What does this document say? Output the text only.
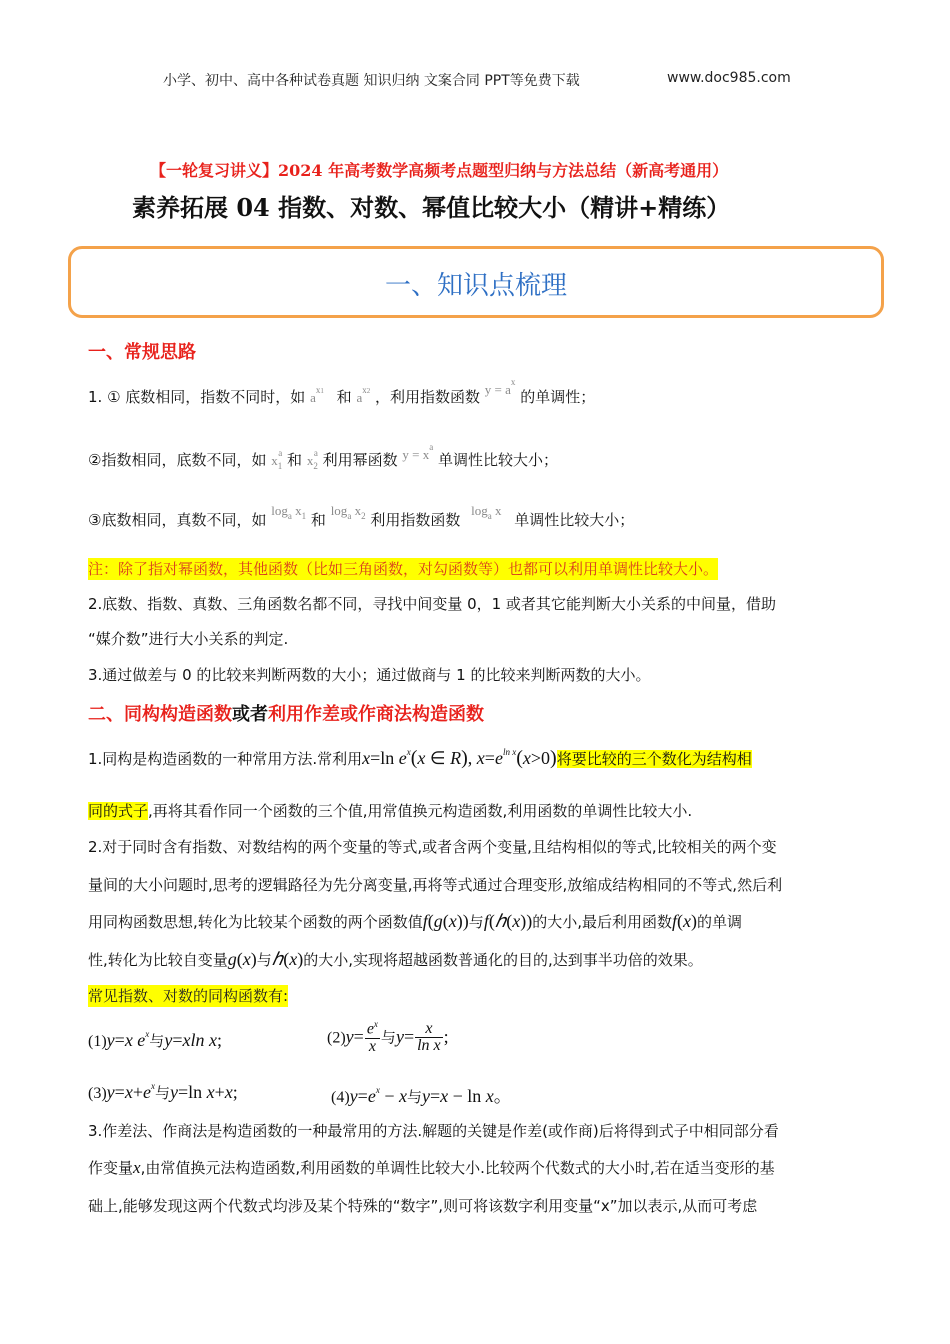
小学、初中、高中各种试卷真题 知识归纳 文案合同 PPT等免费下载	www.doc985.com
【一轮复习讲义】2024 年高考数学高频考点题型归纳与方法总结（新高考通用）
素养拓展 04 指数、对数、幂值比较大小（精讲+精练）
一、知识点梳理
一、常规思路
1. ① 底数相同，指数不同时，如 $a^{x1}$ 和 $a^{x2}$ ，利用指数函数 $y = a^x$ 的单调性；
②指数相同，底数不同，如 $x_1^a$ 和 $x_2^a$ 利用幂函数 $y = x^a$ 单调性比较大小；
③底数相同，真数不同，如 $\log_a x_1$ 和 $\log_a x_2$ 利用指数函数 $\log_a x$ 单调性比较大小；
注：除了指对幂函数，其他函数（比如三角函数，对勾函数等）也都可以利用单调性比较大小。
2.底数、指数、真数、三角函数名都不同，寻找中间变量 0，1 或者其它能判断大小关系的中间量，借助
“媒介数”进行大小关系的判定.
3.通过做差与 0 的比较来判断两数的大小；通过做商与 1 的比较来判断两数的大小。
二、同构构造函数或者利用作差或作商法构造函数
1.同构是构造函数的一种常用方法.常利用x=ln $e^x(x$ ∈ R), $x=e^{ln x}(x>0)$将要比较的三个数化为结构相
同的式子,再将其看作同一个函数的三个值,用常值换元构造函数,利用函数的单调性比较大小.
2.对于同时含有指数、对数结构的两个变量的等式,或者含两个变量,且结构相似的等式,比较相关的两个变
量间的大小问题时,思考的逻辑路径为先分离变量,再将等式通过合理变形,放缩成结构相同的不等式,然后利
用同构函数思想,转化为比较某个函数的两个函数值f(g(x))与f(ℎ(x))的大小,最后利用函数f(x)的单调
性,转化为比较自变量g(x)与ℎ(x)的大小,实现将超越函数普通化的目的,达到事半功倍的效果。
常见指数、对数的同构函数有:
(1)y=x $e^x$与y=xln x;	$(2)y= \frac{e^x}{x}$ 与$y= \frac{x}{\text{ln x}}$ ;
$(3)y=x+e^x$与y=ln x+x;	$(4)y=e^x - x$与y=x − ln x。
3.作差法、作商法是构造函数的一种最常用的方法.解题的关键是作差(或作商)后将得到式子中相同部分看
作变量x,由常值换元法构造函数,利用函数的单调性比较大小.比较两个代数式的大小时,若在适当变形的基
础上,能够发现这两个代数式均涉及某个特殊的“数字”,则可将该数字利用变量“x”加以表示,从而可考虑
